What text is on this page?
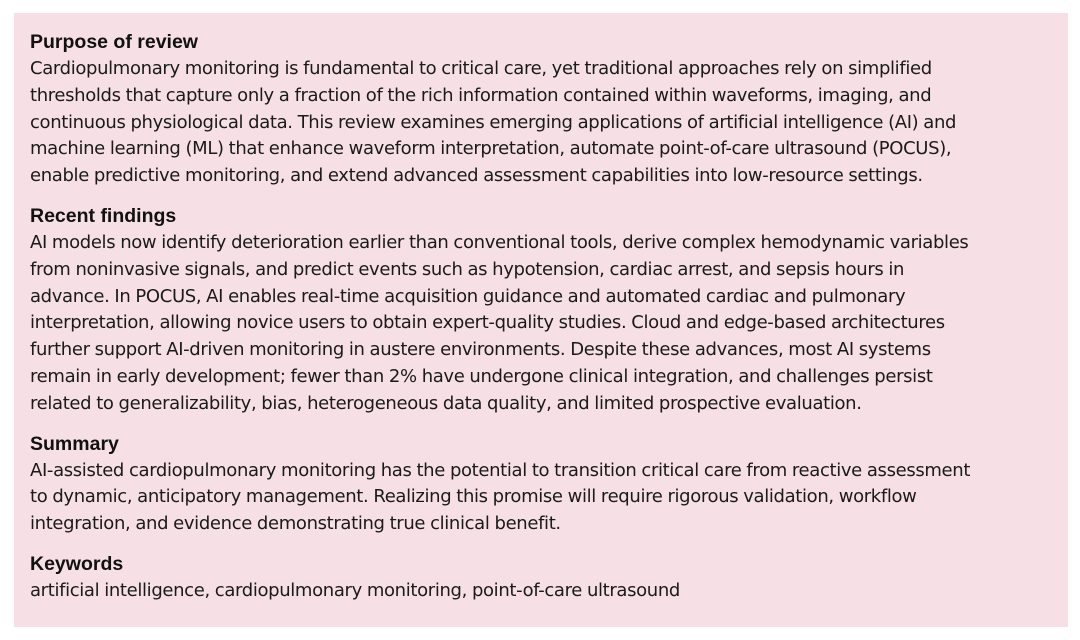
Purpose of review
Cardiopulmonary monitoring is fundamental to critical care, yet traditional approaches rely on simplified
thresholds that capture only a fraction of the rich information contained within waveforms, imaging, and
continuous physiological data. This review examines emerging applications of artificial intelligence (AI) and
machine learning (ML) that enhance waveform interpretation, automate point-of-care ultrasound (POCUS),
enable predictive monitoring, and extend advanced assessment capabilities into low-resource settings.
Recent findings
AI models now identify deterioration earlier than conventional tools, derive complex hemodynamic variables
from noninvasive signals, and predict events such as hypotension, cardiac arrest, and sepsis hours in
advance. In POCUS, AI enables real-time acquisition guidance and automated cardiac and pulmonary
interpretation, allowing novice users to obtain expert-quality studies. Cloud and edge-based architectures
further support AI-driven monitoring in austere environments. Despite these advances, most AI systems
remain in early development; fewer than 2% have undergone clinical integration, and challenges persist
related to generalizability, bias, heterogeneous data quality, and limited prospective evaluation.
Summary
AI-assisted cardiopulmonary monitoring has the potential to transition critical care from reactive assessment
to dynamic, anticipatory management. Realizing this promise will require rigorous validation, workflow
integration, and evidence demonstrating true clinical benefit.
Keywords
artificial intelligence, cardiopulmonary monitoring, point-of-care ultrasound
